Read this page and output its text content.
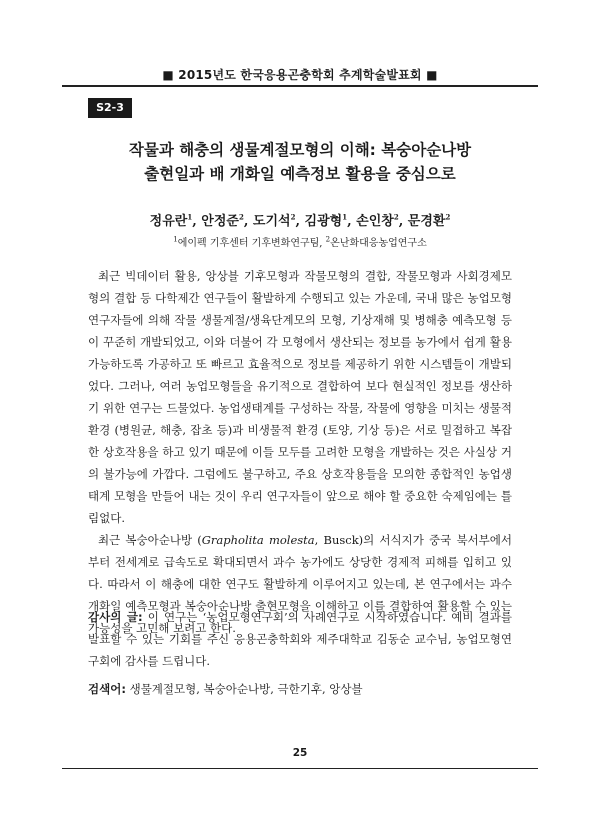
■ 2015년도 한국응용곤충학회 추계학술발표회 ■
S2-3
작물과 해충의 생물계절모형의 이해: 복숭아순나방
출현일과 배 개화일 예측정보 활용을 중심으로
정유란$^1$, 안정준$^2$, 도기석$^2$, 김광형$^1$, 손인창$^2$, 문경환$^2$
$^1$에이펙 기후센터 기후변화연구팀, $^2$온난화대응농업연구소

최근 빅데이터 활용, 앙상블 기후모형과 작물모형의 결합, 작물모형과 사회경제모형의 결합 등 다학제간 연구들이 활발하게 수행되고 있는 가운데, 국내 많은 농업모형 연구자들에 의해 작물 생물계절/생육단계모의 모형, 기상재해 및 병해충 예측모형 등이 꾸준히 개발되었고, 이와 더불어 각 모형에서 생산되는 정보를 농가에서 쉽게 활용 가능하도록 가공하고 또 빠르고 효율적으로 정보를 제공하기 위한 시스템들이 개발되었다. 그러나, 여러 농업모형들을 유기적으로 결합하여 보다 현실적인 정보를 생산하기 위한 연구는 드물었다. 농업생태계를 구성하는 작물, 작물에 영향을 미치는 생물적 환경 (병원균, 해충, 잡초 등)과 비생물적 환경 (토양, 기상 등)은 서로 밀접하고 복잡한 상호작용을 하고 있기 때문에 이들 모두를 고려한 모형을 개발하는 것은 사실상 거의 불가능에 가깝다. 그럼에도 불구하고, 주요 상호작용들을 모의한 종합적인 농업생태계 모형을 만들어 내는 것이 우리 연구자들이 앞으로 해야 할 중요한 숙제임에는 틀림없다.

최근 복숭아순나방 (Grapholita molesta, Busck)의 서식지가 중국 북서부에서부터 전세계로 급속도로 확대되면서 과수 농가에도 상당한 경제적 피해를 입히고 있다. 따라서 이 해충에 대한 연구도 활발하게 이루어지고 있는데, 본 연구에서는 과수 개화일 예측모형과 복숭아순나방 출현모형을 이해하고 이를 결합하여 활용할 수 있는 가능성을 고민해 보려고 한다.

감사의 글: 이 연구는 ‘농업모형연구회’의 사례연구로 시작하였습니다. 예비 결과를 발표할 수 있는 기회를 주신 응용곤충학회와 제주대학교 김동순 교수님, 농업모형연구회에 감사를 드립니다.
검색어: 생물계절모형, 복숭아순나방, 극한기후, 앙상블
25
